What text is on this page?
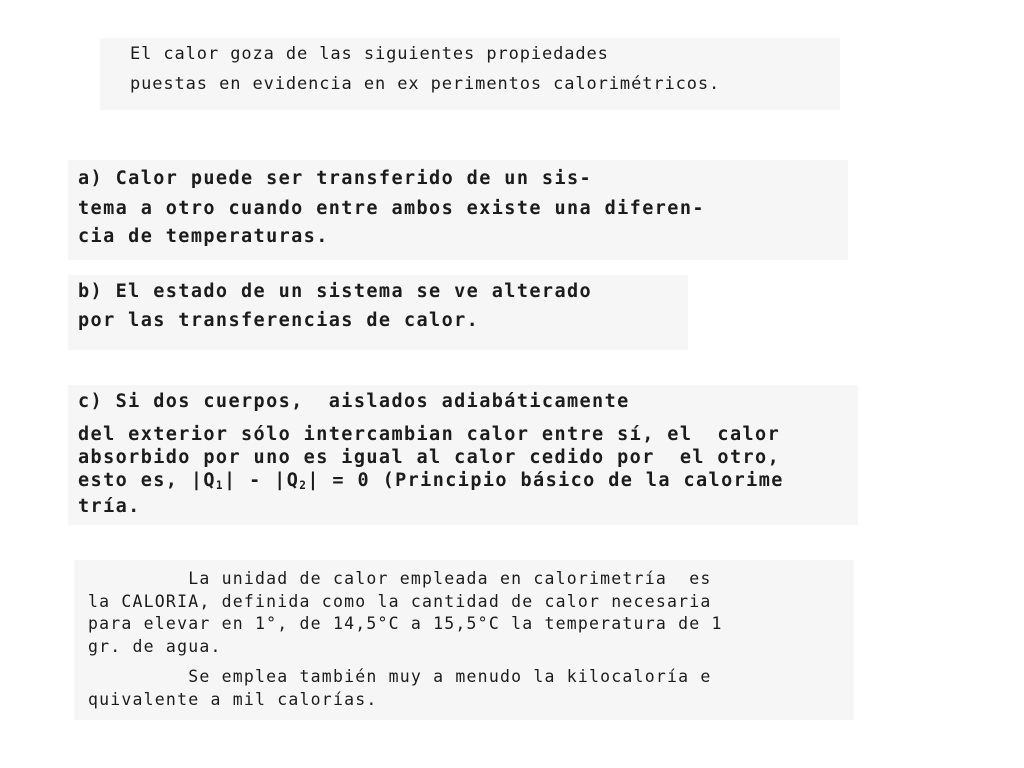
El calor goza de las siguientes propiedades
puestas en evidencia en ex perimentos calorimétricos.
a) Calor puede ser transferido de un sis-
tema a otro cuando entre ambos existe una diferen-
cia de temperaturas.
b) El estado de un sistema se ve alterado
por las transferencias de calor.
c) Si dos cuerpos,  aislados adiabáticamente
del exterior sólo intercambian calor entre sí, el  calor
absorbido por uno es igual al calor cedido por  el otro,
esto es, $|Q_1| - |Q_2| = 0$ (Principio básico de la calorime
tría.
La unidad de calor empleada en calorimetría  es
la CALORIA, definida como la cantidad de calor necesaria
para elevar en 1°, de 14,5°C a 15,5°C la temperatura de 1
gr. de agua.
Se emplea también muy a menudo la kilocaloría e
quivalente a mil calorías.
